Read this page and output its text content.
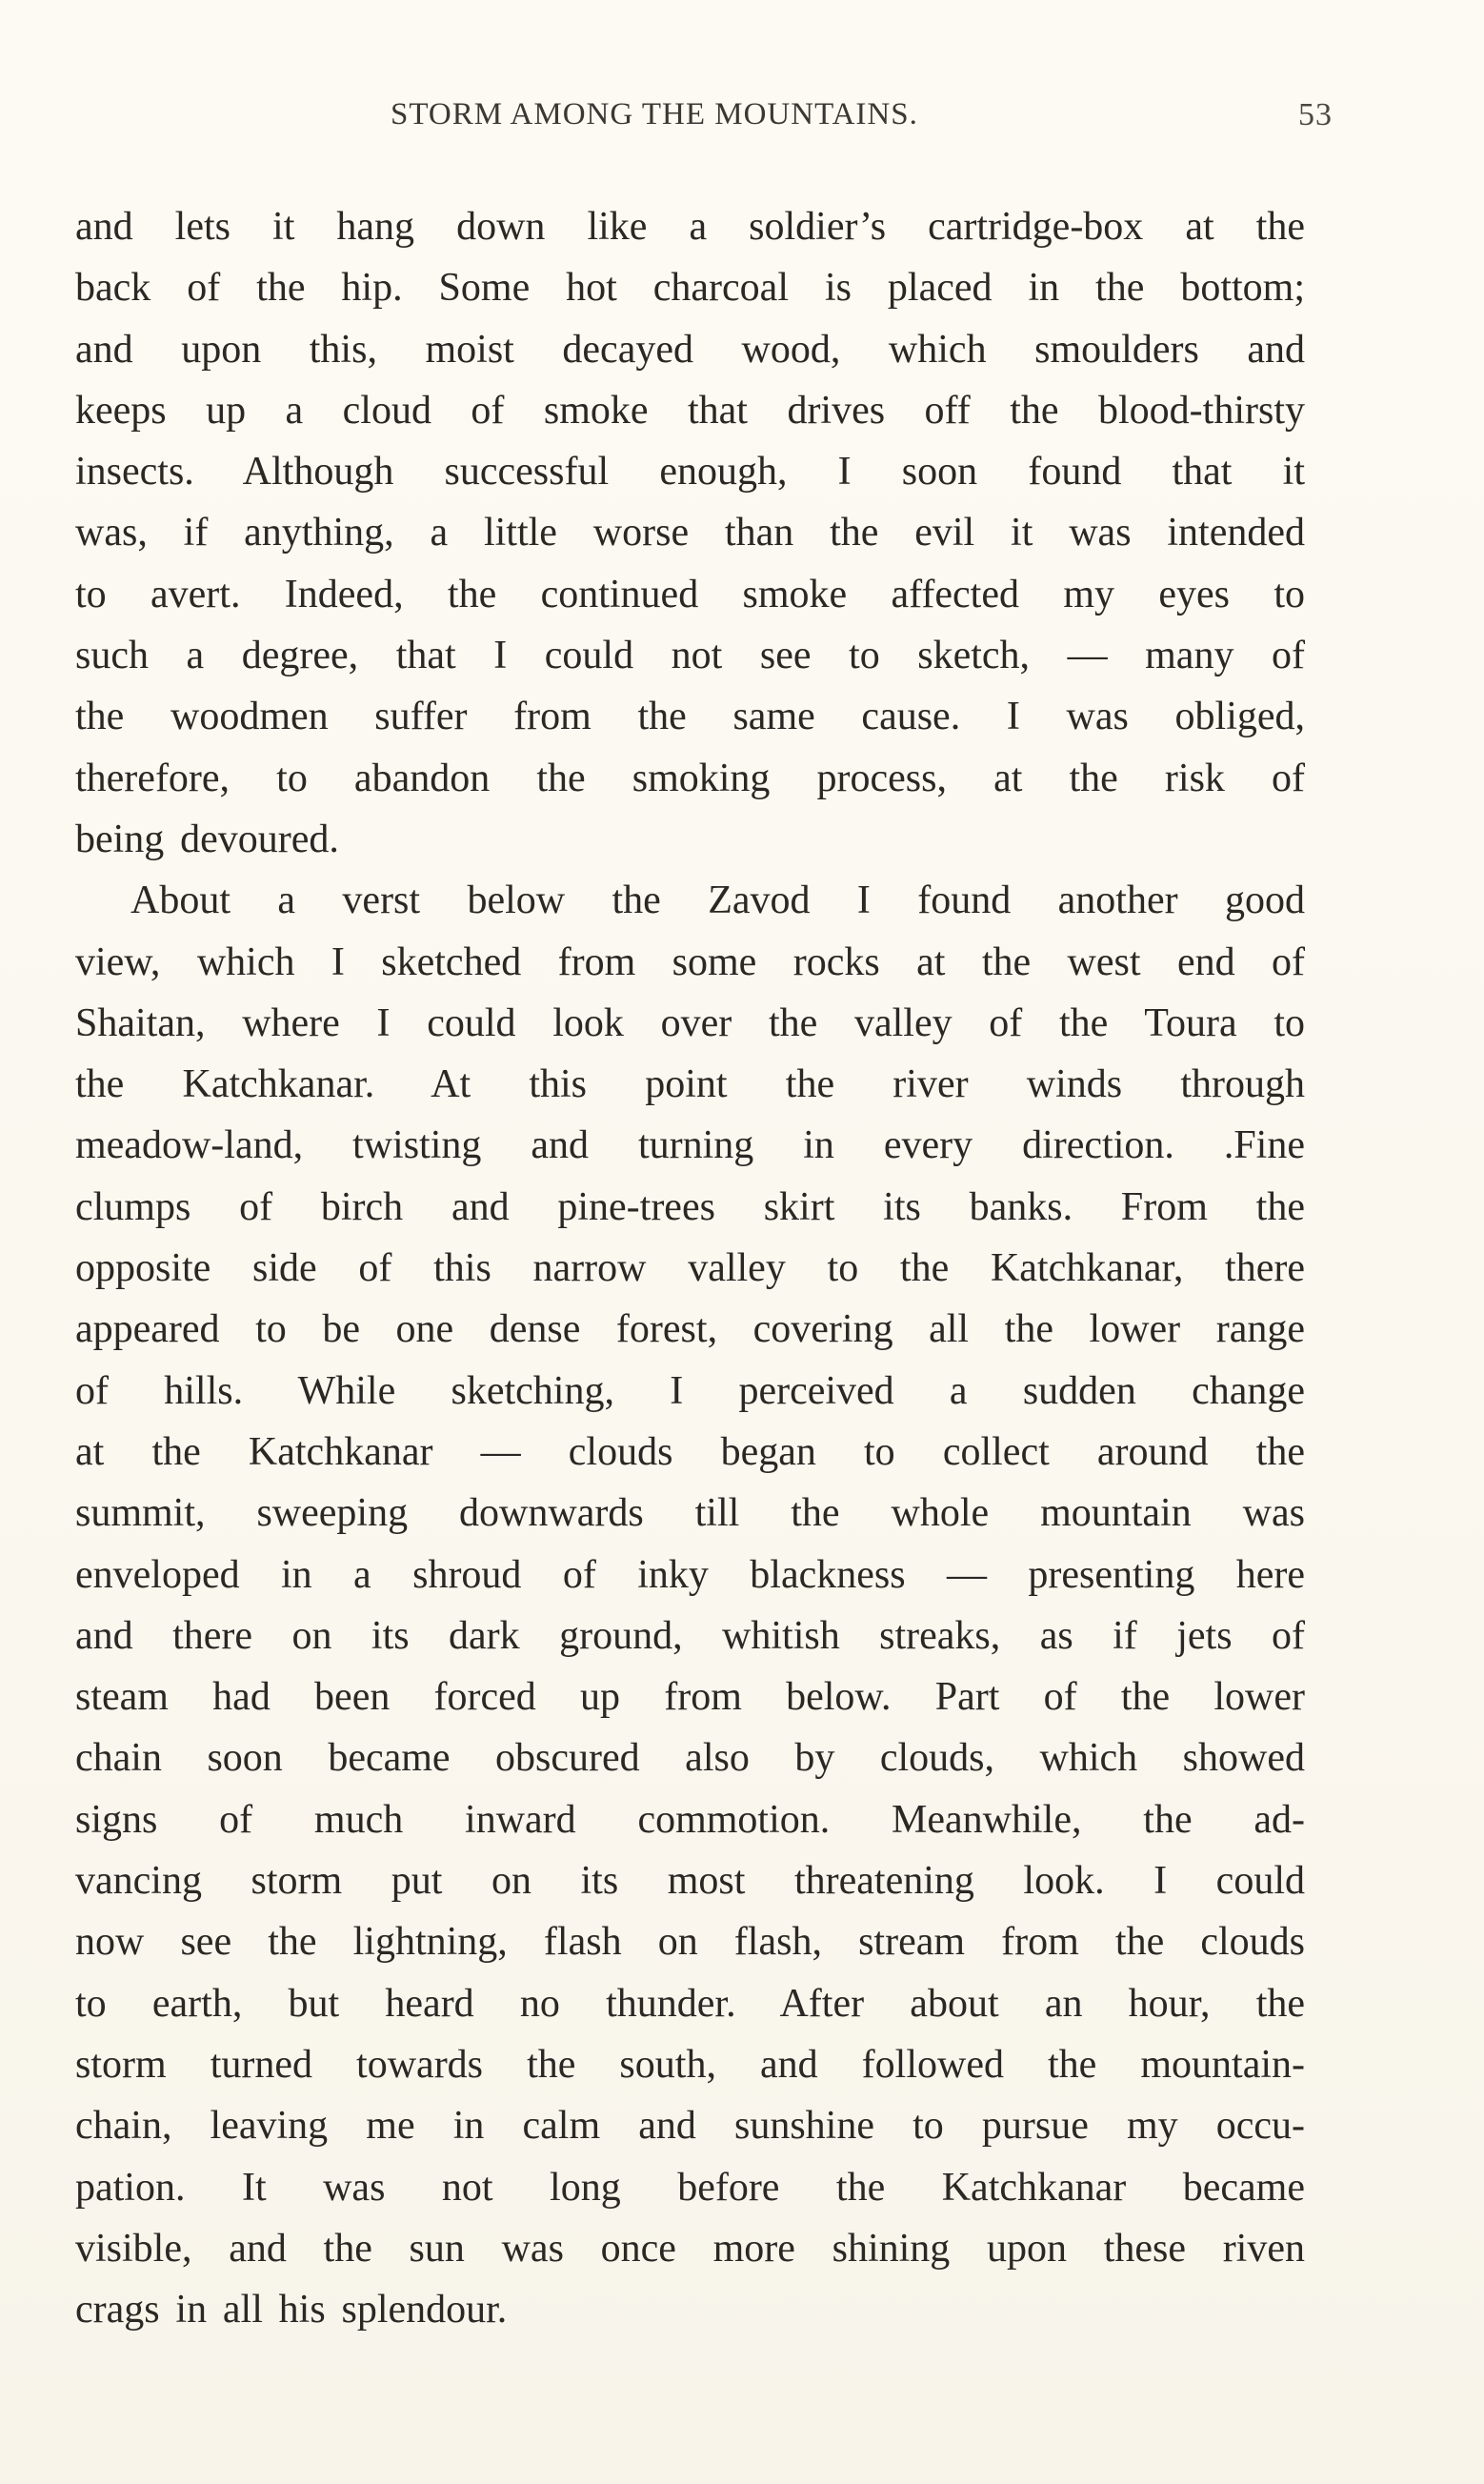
STORM AMONG THE MOUNTAINS.	53
and lets it hang down like a soldier’s cartridge-box at the
back of the hip. Some hot charcoal is placed in the bottom;
and upon this, moist decayed wood, which smoulders and
keeps up a cloud of smoke that drives off the blood-thirsty
insects. Although successful enough, I soon found that it
was, if anything, a little worse than the evil it was intended
to avert. Indeed, the continued smoke affected my eyes to
such a degree, that I could not see to sketch, — many of
the woodmen suffer from the same cause. I was obliged,
therefore, to abandon the smoking process, at the risk of
being devoured.
About a verst below the Zavod I found another good
view, which I sketched from some rocks at the west end of
Shaitan, where I could look over the valley of the Toura to
the Katchkanar. At this point the river winds through
meadow-land, twisting and turning in every direction. .Fine
clumps of birch and pine-trees skirt its banks. From the
opposite side of this narrow valley to the Katchkanar, there
appeared to be one dense forest, covering all the lower range
of hills. While sketching, I perceived a sudden change
at the Katchkanar — clouds began to collect around the
summit, sweeping downwards till the whole mountain was
enveloped in a shroud of inky blackness — presenting here
and there on its dark ground, whitish streaks, as if jets of
steam had been forced up from below. Part of the lower
chain soon became obscured also by clouds, which showed
signs of much inward commotion. Meanwhile, the ad-
vancing storm put on its most threatening look. I could
now see the lightning, flash on flash, stream from the clouds
to earth, but heard no thunder. After about an hour, the
storm turned towards the south, and followed the mountain-
chain, leaving me in calm and sunshine to pursue my occu-
pation. It was not long before the Katchkanar became
visible, and the sun was once more shining upon these riven
crags in all his splendour.
